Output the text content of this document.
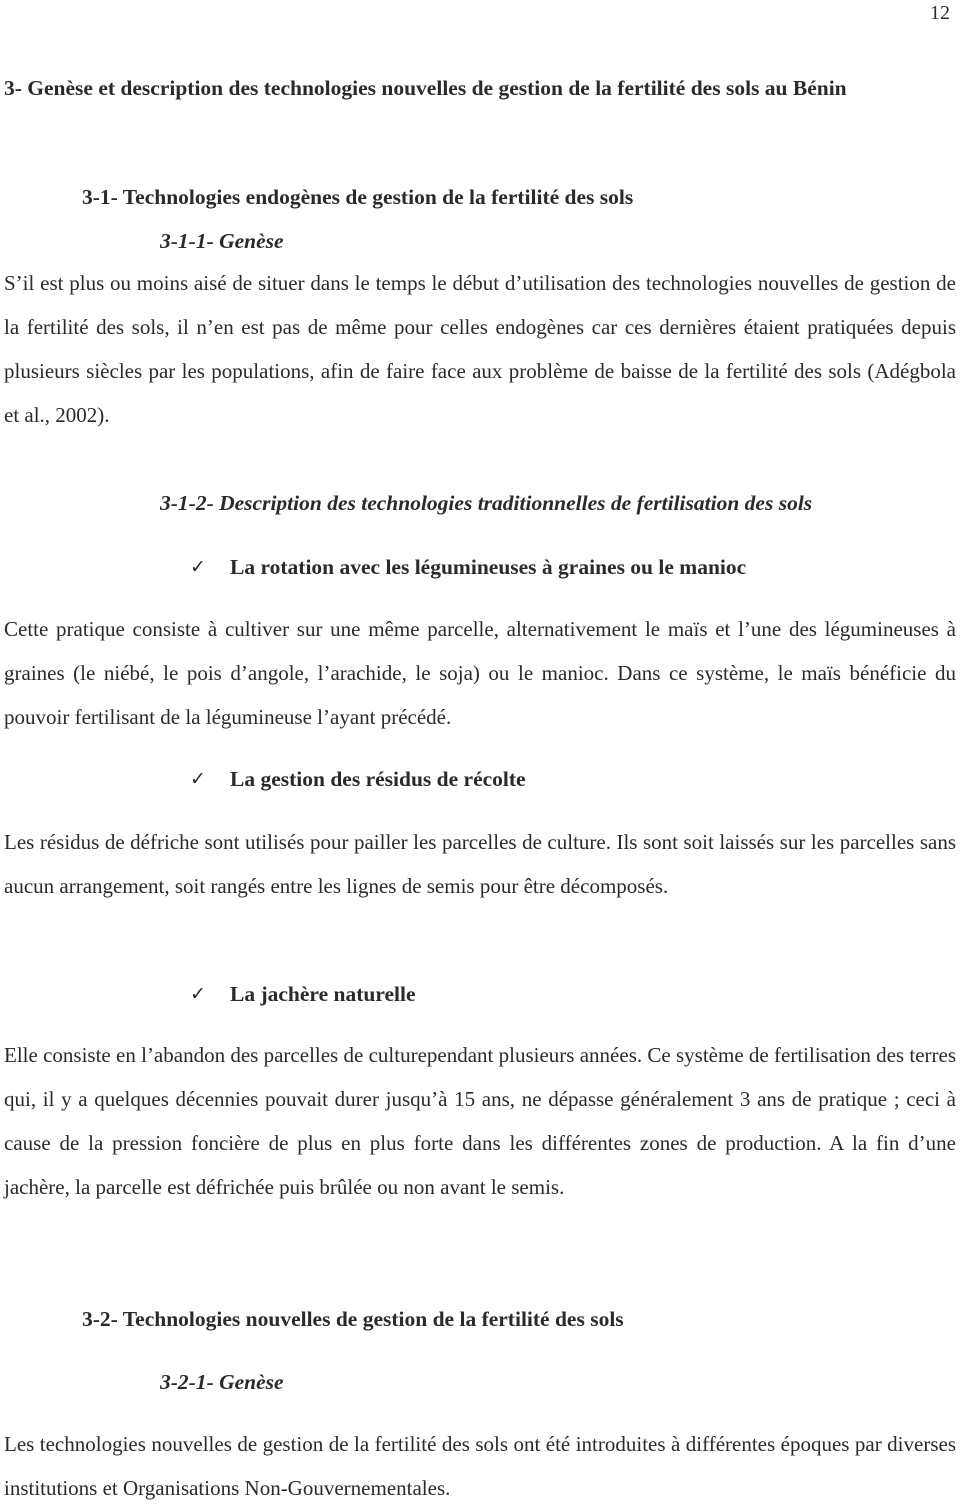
12
3- Genèse et description des technologies nouvelles de gestion de la fertilité des sols au Bénin
3-1- Technologies endogènes de gestion de la fertilité des sols
3-1-1- Genèse

S’il est plus ou moins aisé de situer dans le temps le début d’utilisation des technologies nouvelles de gestion de la fertilité des sols, il n’en est pas de même pour celles endogènes car ces dernières étaient pratiquées depuis plusieurs siècles par les populations, afin de faire face aux problème de baisse de la fertilité des sols (Adégbola et al., 2002).

3-1-2- Description des technologies traditionnelles de fertilisation des sols
✓ La rotation avec les légumineuses à graines ou le manioc

Cette pratique consiste à cultiver sur une même parcelle, alternativement le maïs et l’une des légumineuses à graines (le niébé, le pois d’angole, l’arachide, le soja) ou le manioc. Dans ce système, le maïs bénéficie du pouvoir fertilisant de la légumineuse l’ayant précédé.

✓ La gestion des résidus de récolte

Les résidus de défriche sont utilisés pour pailler les parcelles de culture. Ils sont soit laissés sur les parcelles sans aucun arrangement, soit rangés entre les lignes de semis pour être décomposés.

✓ La jachère naturelle

Elle consiste en l’abandon des parcelles de culturependant plusieurs années. Ce système de fertilisation des terres qui, il y a quelques décennies pouvait durer jusqu’à 15 ans, ne dépasse généralement 3 ans de pratique ; ceci à cause de la pression foncière de plus en plus forte dans les différentes zones de production. A la fin d’une jachère, la parcelle est défrichée puis brûlée ou non avant le semis.

3-2- Technologies nouvelles de gestion de la fertilité des sols
3-2-1- Genèse

Les technologies nouvelles de gestion de la fertilité des sols ont été introduites à différentes époques par diverses institutions et Organisations Non-Gouvernementales.
